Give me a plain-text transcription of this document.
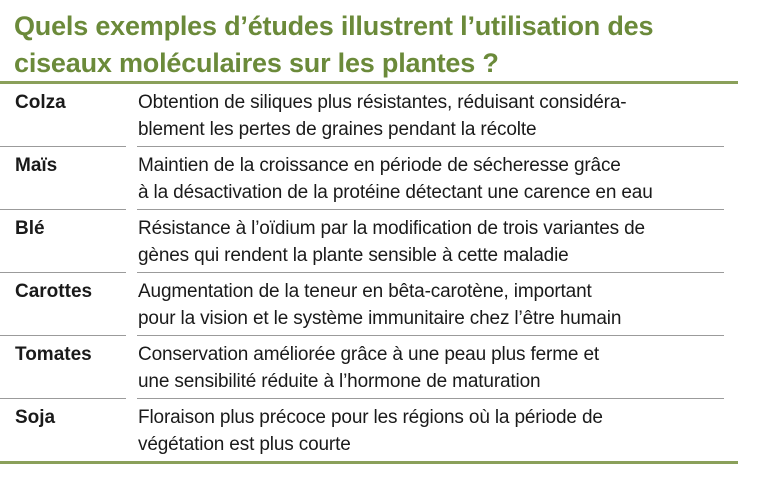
Quels exemples d’études illustrent l’utilisation des
ciseaux moléculaires sur les plantes ?
Colza	Obtention de siliques plus résistantes, réduisant considéra-
blement les pertes de graines pendant la récolte
Maïs	Maintien de la croissance en période de sécheresse grâce
à la désactivation de la protéine détectant une carence en eau
Blé	Résistance à l’oïdium par la modification de trois variantes de
gènes qui rendent la plante sensible à cette maladie
Carottes Augmentation de la teneur en bêta-carotène, important
pour la vision et le système immunitaire chez l’être humain
Tomates Conservation améliorée grâce à une peau plus ferme et
une sensibilité réduite à l’hormone de maturation
Soja	Floraison plus précoce pour les régions où la période de
végétation est plus courte
